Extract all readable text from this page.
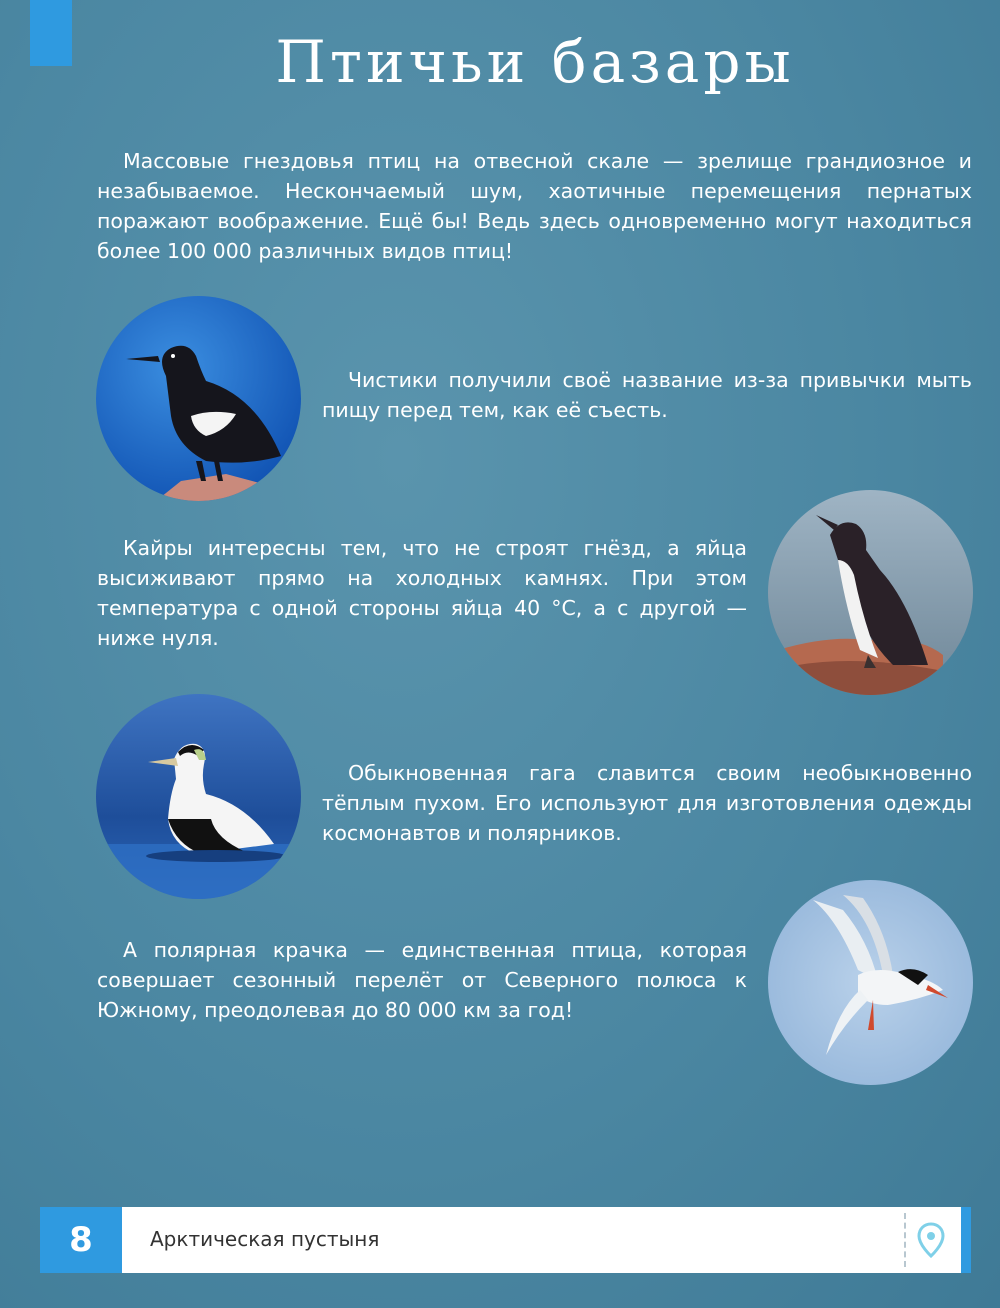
Птичьи базары
Массовые гнездовья птиц на отвесной скале — зрелище грандиозное и незабываемое. Нескончаемый шум, хаотичные перемещения пернатых поражают воображение. Ещё бы! Ведь здесь одновременно могут находиться более 100 000 различных видов птиц!
Чистики получили своё название из-за привычки мыть пищу перед тем, как её съесть.
Кайры интересны тем, что не строят гнёзд, а яйца высиживают прямо на холодных камнях. При этом температура с одной стороны яйца 40 °С, а с другой — ниже нуля.
Обыкновенная гага славится своим необыкновенно тёплым пухом. Его используют для изготовления одежды космонавтов и полярников.
А полярная крачка — единственная птица, которая совершает сезонный перелёт от Северного полюса к Южному, преодолевая до 80 000 км за год!
8	Арктическая пустыня
